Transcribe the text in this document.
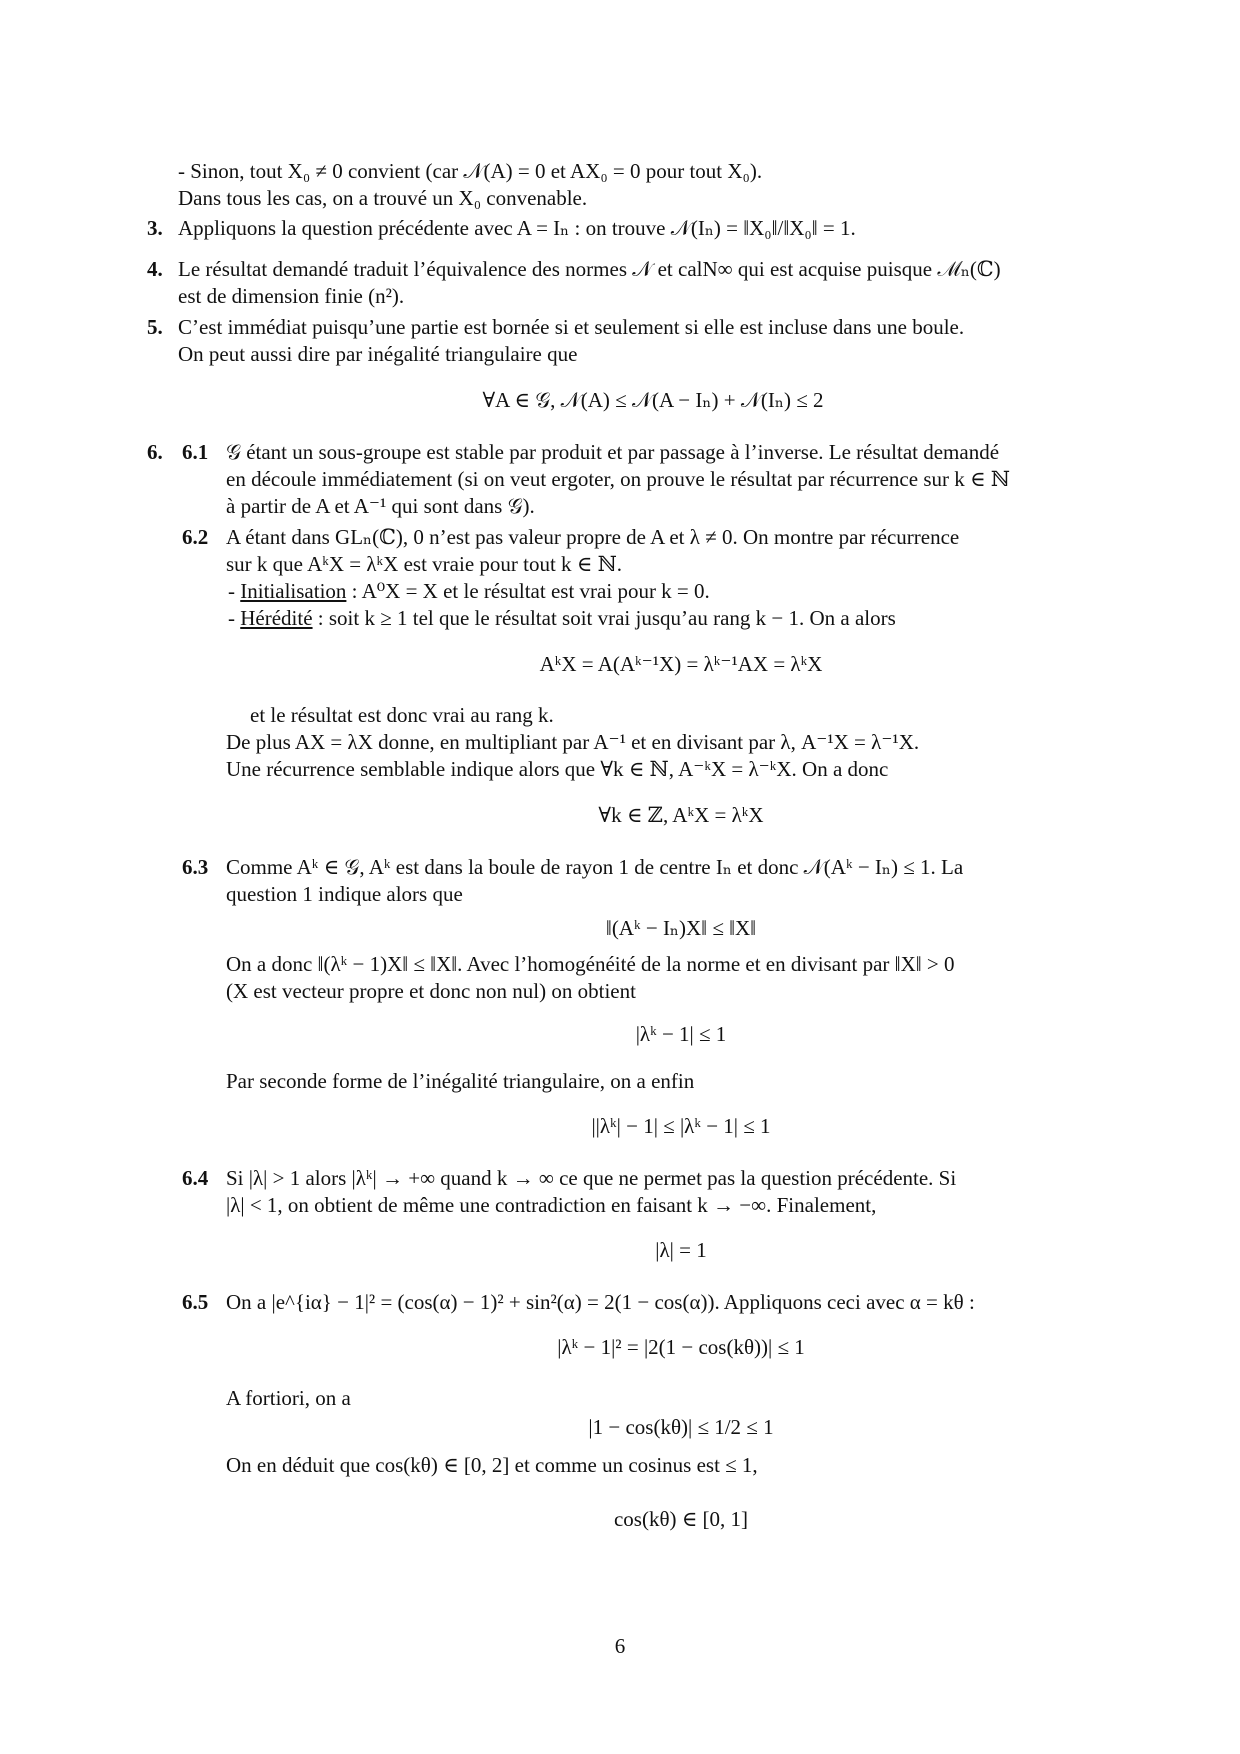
- Sinon, tout X₀ ≠ 0 convient (car 𝒩(A) = 0 et AX₀ = 0 pour tout X₀).
Dans tous les cas, on a trouvé un X₀ convenable.
3. Appliquons la question précédente avec A = Iₙ : on trouve 𝒩(Iₙ) = ‖X₀‖/‖X₀‖ = 1.
4. Le résultat demandé traduit l’équivalence des normes 𝒩 et calN∞ qui est acquise puisque ℳₙ(ℂ)
est de dimension finie (n²).
5. C’est immédiat puisqu’une partie est bornée si et seulement si elle est incluse dans une boule.
On peut aussi dire par inégalité triangulaire que
∀A ∈ 𝒢, 𝒩(A) ≤ 𝒩(A − Iₙ) + 𝒩(Iₙ) ≤ 2
6. 6.1 𝒢 étant un sous-groupe est stable par produit et par passage à l’inverse. Le résultat demandé
en découle immédiatement (si on veut ergoter, on prouve le résultat par récurrence sur k ∈ ℕ
à partir de A et A⁻¹ qui sont dans 𝒢).
6.2 A étant dans GLₙ(ℂ), 0 n’est pas valeur propre de A et λ ≠ 0. On montre par récurrence
sur k que AᵏX = λᵏX est vraie pour tout k ∈ ℕ.
- Initialisation : A⁰X = X et le résultat est vrai pour k = 0.
- Hérédité : soit k ≥ 1 tel que le résultat soit vrai jusqu’au rang k − 1. On a alors
AᵏX = A(Aᵏ⁻¹X) = λᵏ⁻¹AX = λᵏX
et le résultat est donc vrai au rang k.
De plus AX = λX donne, en multipliant par A⁻¹ et en divisant par λ, A⁻¹X = λ⁻¹X.
Une récurrence semblable indique alors que ∀k ∈ ℕ, A⁻ᵏX = λ⁻ᵏX. On a donc
∀k ∈ ℤ, AᵏX = λᵏX
6.3 Comme Aᵏ ∈ 𝒢, Aᵏ est dans la boule de rayon 1 de centre Iₙ et donc 𝒩(Aᵏ − Iₙ) ≤ 1. La
question 1 indique alors que
‖(Aᵏ − Iₙ)X‖ ≤ ‖X‖
On a donc ‖(λᵏ − 1)X‖ ≤ ‖X‖. Avec l’homogénéité de la norme et en divisant par ‖X‖ > 0
(X est vecteur propre et donc non nul) on obtient
|λᵏ − 1| ≤ 1
Par seconde forme de l’inégalité triangulaire, on a enfin
||λᵏ| − 1| ≤ |λᵏ − 1| ≤ 1
6.4 Si |λ| > 1 alors |λᵏ| → +∞ quand k → ∞ ce que ne permet pas la question précédente. Si
|λ| < 1, on obtient de même une contradiction en faisant k → −∞. Finalement,
|λ| = 1
6.5 On a |e^{iα} − 1|² = (cos(α) − 1)² + sin²(α) = 2(1 − cos(α)). Appliquons ceci avec α = kθ :
|λᵏ − 1|² = |2(1 − cos(kθ))| ≤ 1
A fortiori, on a
|1 − cos(kθ)| ≤ 1/2 ≤ 1
On en déduit que cos(kθ) ∈ [0, 2] et comme un cosinus est ≤ 1,
cos(kθ) ∈ [0, 1]
6
